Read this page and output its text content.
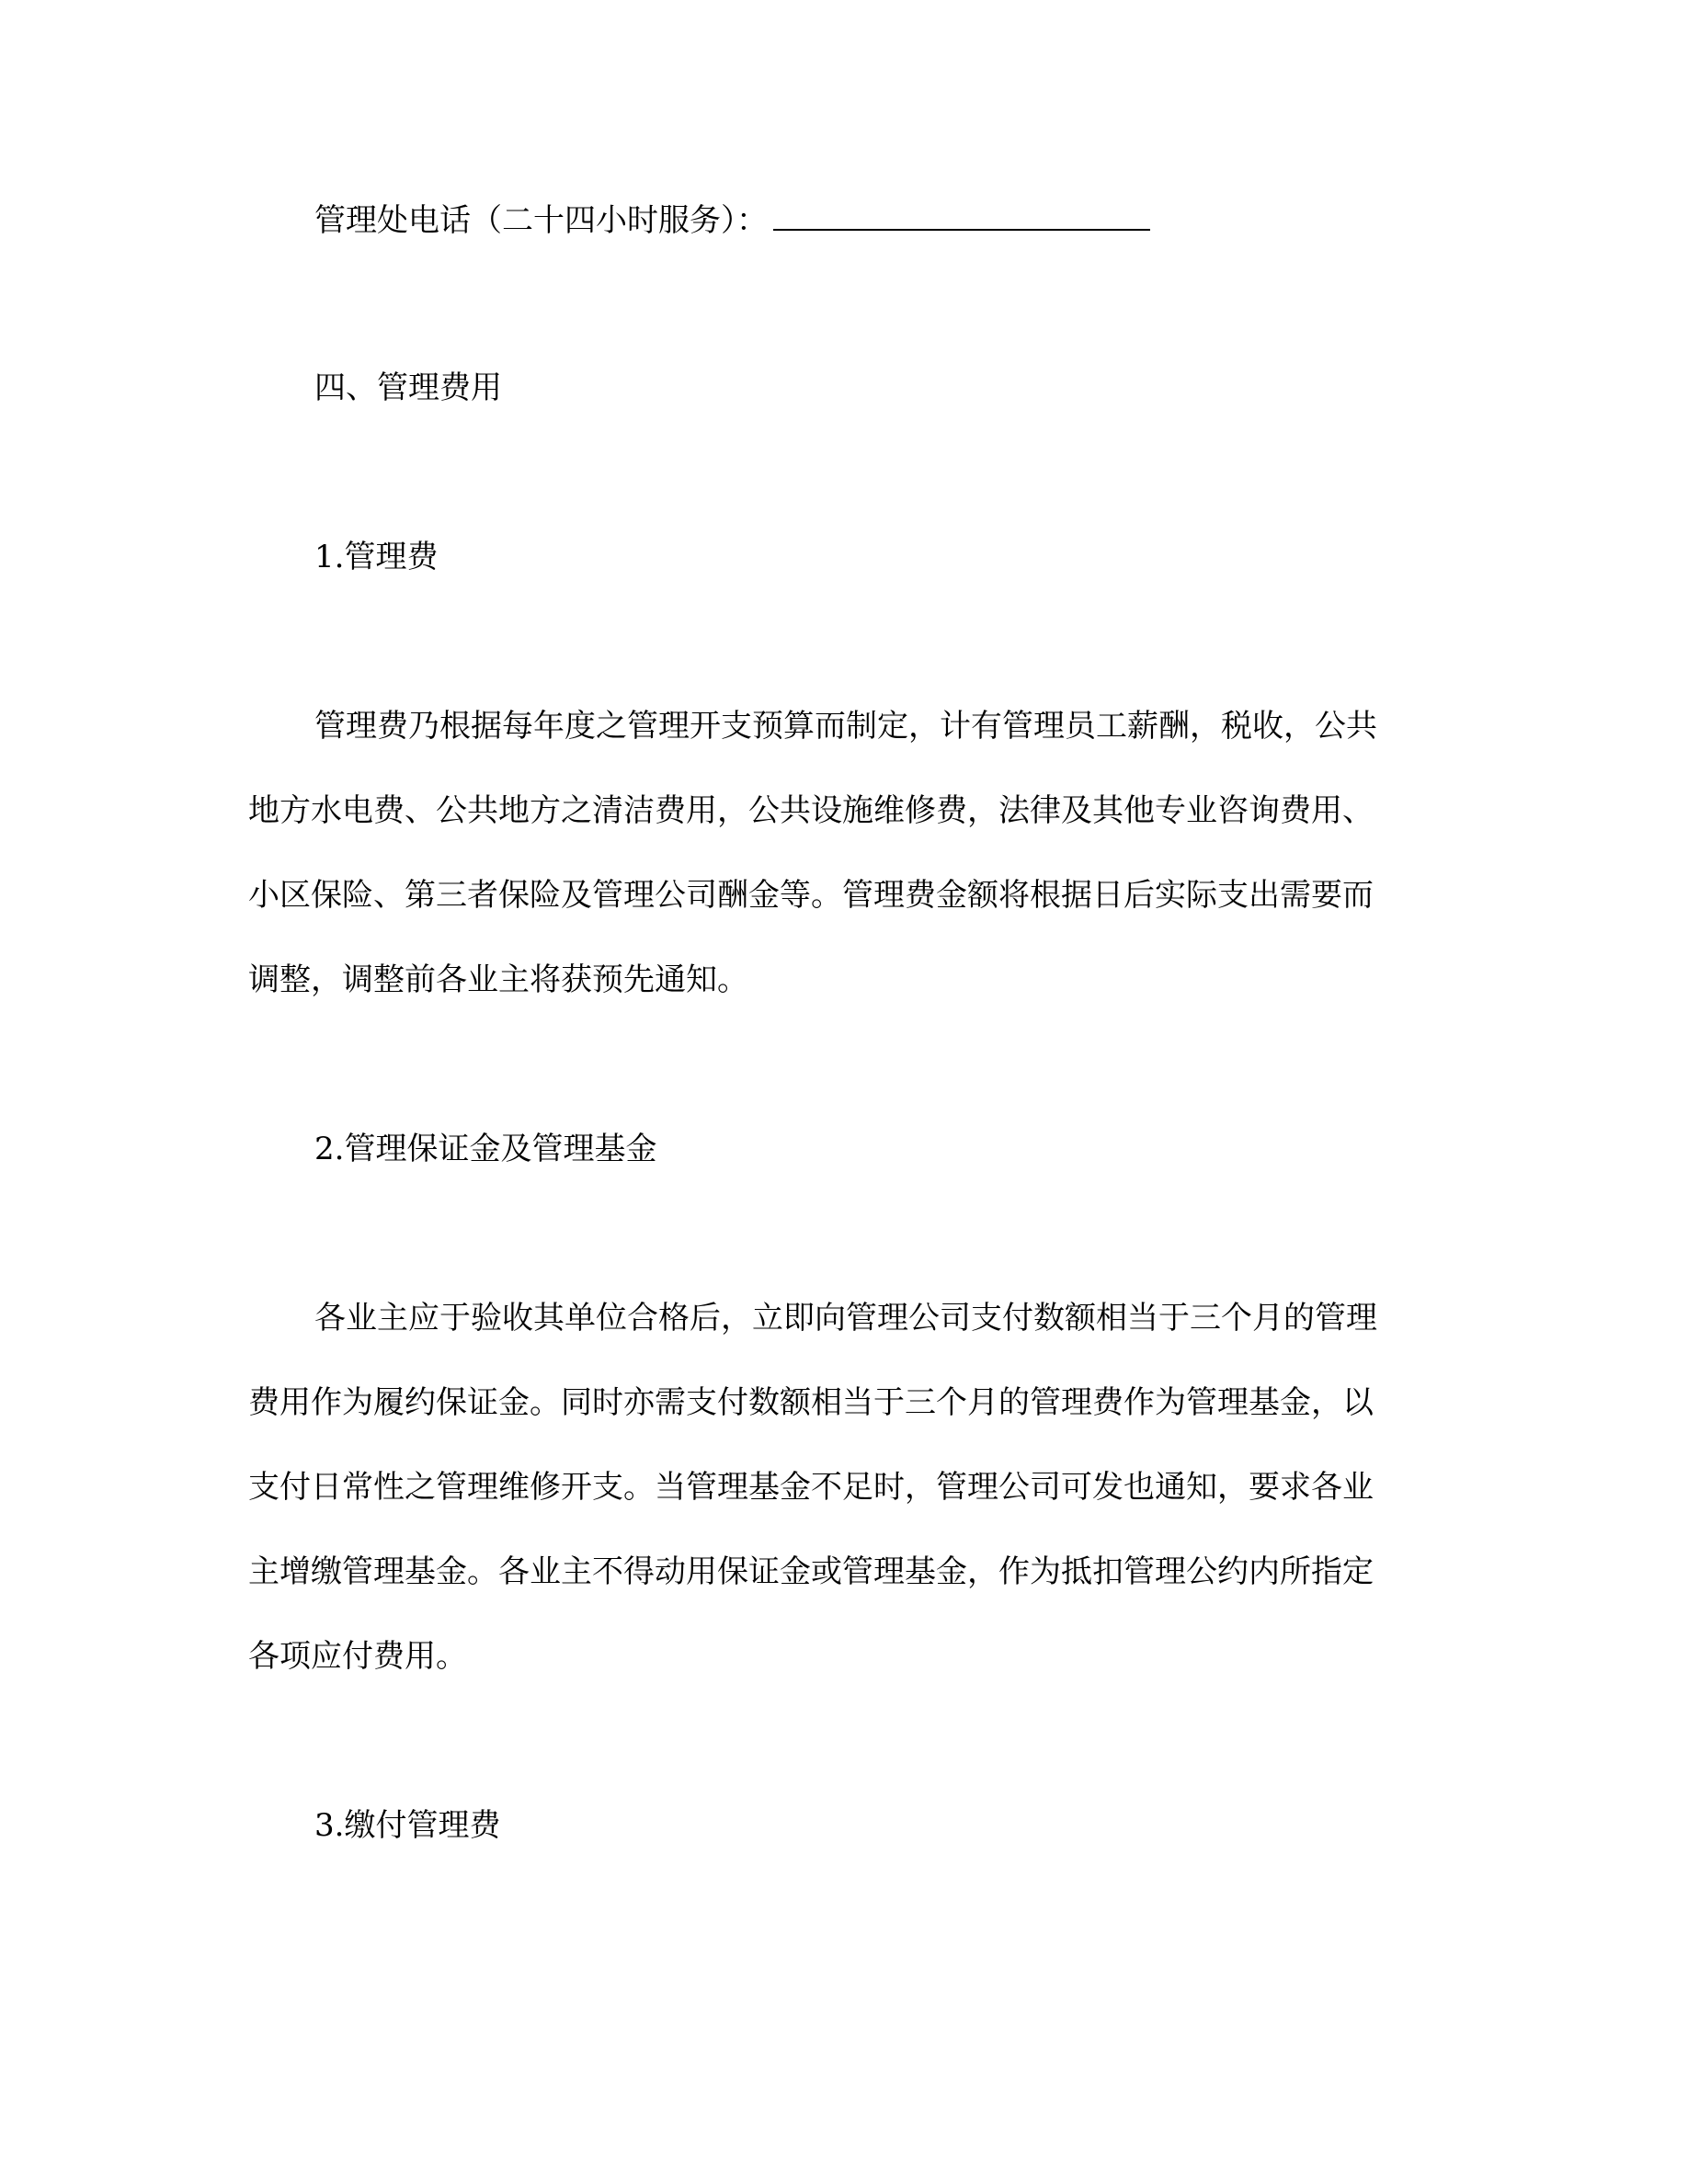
管理处电话（二十四小时服务）：
四、管理费用
1.管理费
管理费乃根据每年度之管理开支预算而制定，计有管理员工薪酬，税收，公共
地方水电费、公共地方之清洁费用，公共设施维修费，法律及其他专业咨询费用、
小区保险、第三者保险及管理公司酬金等。管理费金额将根据日后实际支出需要而
调整，调整前各业主将获预先通知。
2.管理保证金及管理基金
各业主应于验收其单位合格后，立即向管理公司支付数额相当于三个月的管理
费用作为履约保证金。同时亦需支付数额相当于三个月的管理费作为管理基金，以
支付日常性之管理维修开支。当管理基金不足时，管理公司可发也通知，要求各业
主增缴管理基金。各业主不得动用保证金或管理基金，作为抵扣管理公约内所指定
各项应付费用。
3.缴付管理费
